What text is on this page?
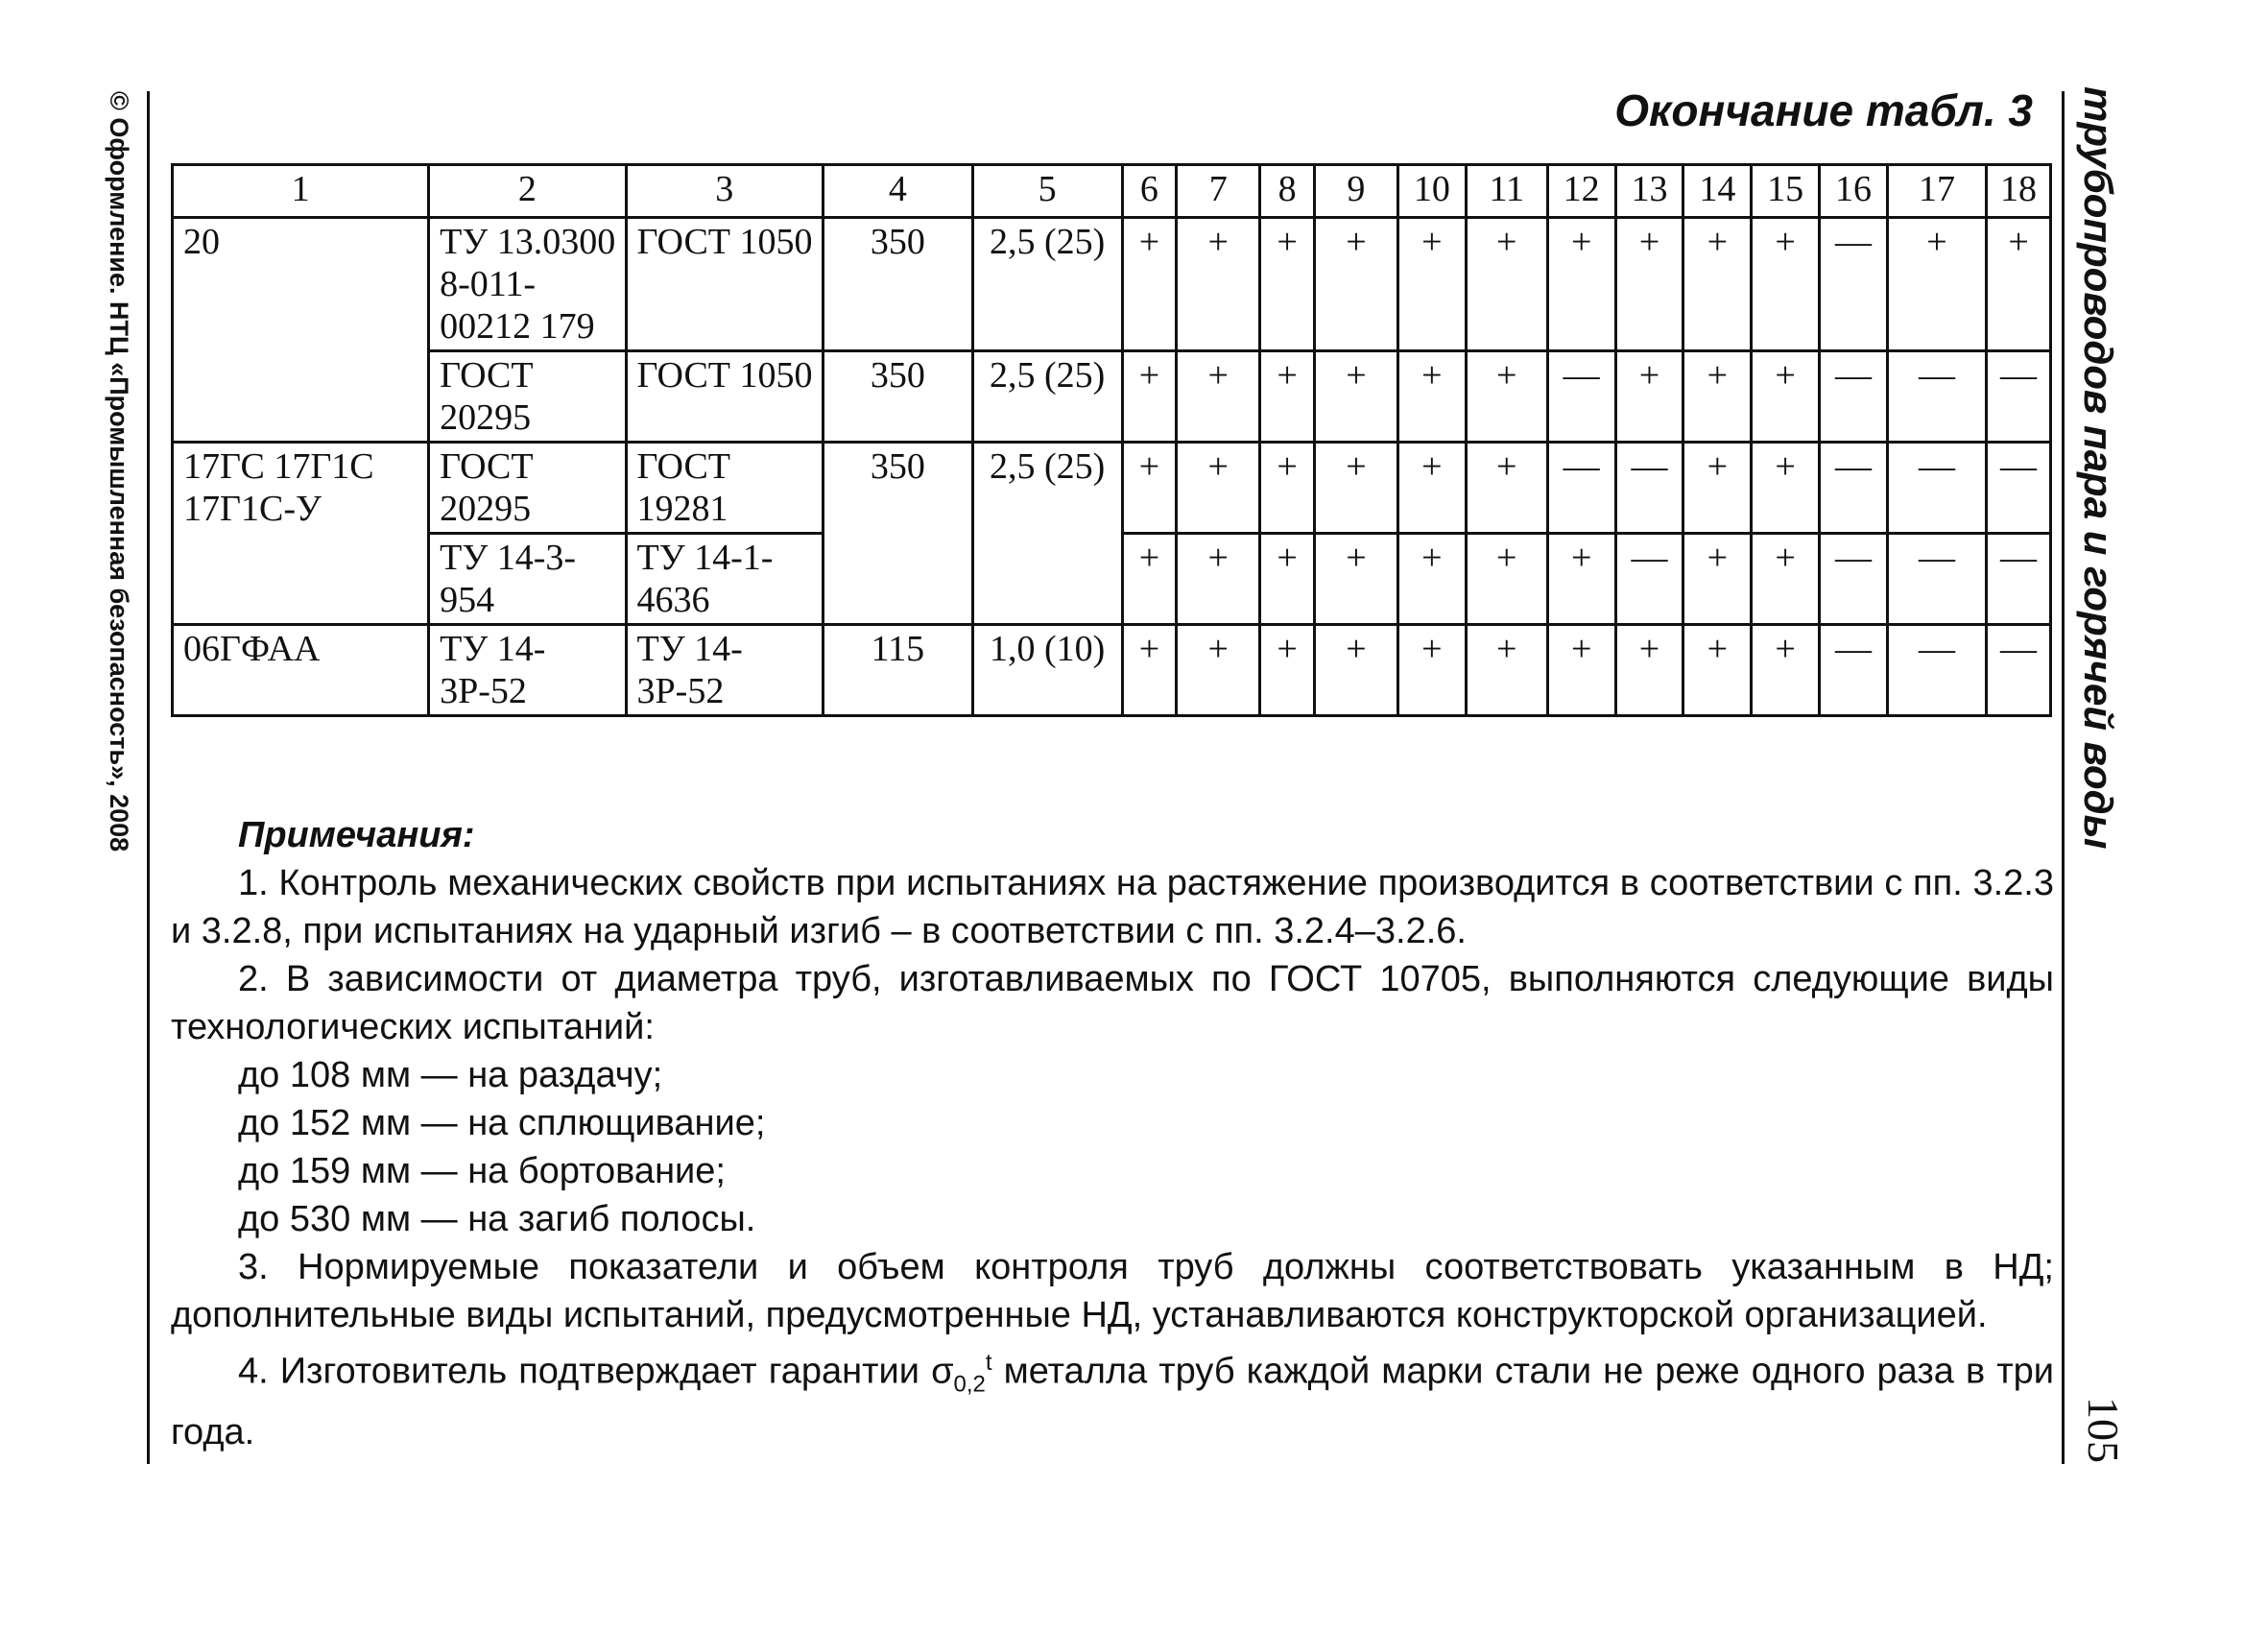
© Оформление. НТЦ «Промышленная безопасность», 2008	трубопроводов пара и горячей воды
105
Окончание табл. 3
1	2	3	4	5	6	7	8	9	10	11	12	13	14	15	16	17	18
20	ТУ 13.0300 8-011-00212 179	ГОСТ 1050	350	2,5 (25)	+	+	+	+	+	+	+	+	+	+	—	+	+
	ГОСТ 20295	ГОСТ 1050	350	2,5 (25)	+	+	+	+	+	+	—	+	+	+	—	—	—
17ГС 17Г1С 17Г1С-У	ГОСТ 20295	ГОСТ 19281	350	2,5 (25)	+	+	+	+	+	+	—	—	+	+	—	—	—
	ТУ 14-3-954	ТУ 14-1-4636			+	+	+	+	+	+	+	—	+	+	—	—	—
06ГФАА	ТУ 14-3Р-52	ТУ 14-3Р-52	115	1,0 (10)	+	+	+	+	+	+	+	+	+	+	—	—	—
Примечания:

1. Контроль механических свойств при испытаниях на растяжение производится в соответствии с пп. 3.2.3 и 3.2.8, при испытаниях на ударный изгиб – в соответствии с пп. 3.2.4–3.2.6.

2. В зависимости от диаметра труб, изготавливаемых по ГОСТ 10705, выполняются следующие виды технологических испытаний:

до 108 мм — на раздачу;

до 152 мм — на сплющивание;

до 159 мм — на бортование;

до 530 мм — на загиб полосы.

3. Нормируемые показатели и объем контроля труб должны соответствовать указанным в НД; дополнительные виды испытаний, предусмотренные НД, устанавливаются конструкторской организацией.

4. Изготовитель подтверждает гарантии $\sigma_{0,2}^t$ металла труб каждой марки стали не реже одного раза в три года.
